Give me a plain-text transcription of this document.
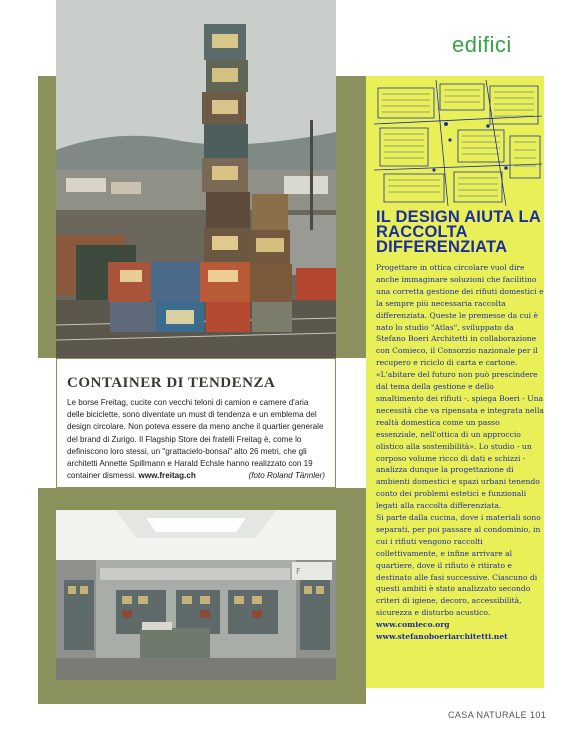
CONTAINER DI TENDENZA

Le borse Freitag, cucite con vecchi teloni di camion e camere d'aria delle biciclette, sono diventate un must di tendenza e un emblema del design circolare. Non poteva essere da meno anche il quartier generale del brand di Zurigo. Il Flagship Store dei fratelli Freitag è, come lo definiscono loro stessi, un "grattacielo-bonsai" alto 26 metri, che gli architetti Annette Spillmann e Harald Echsle hanno realizzato con 19 container dismessi. www.freitag.ch	(foto Roland Tännler)

F
edifici
IL DESIGN AIUTA LA RACCOLTA DIFFERENZIATA
Progettare in ottica circolare vuol dire anche immaginare soluzioni che facilitino una corretta gestione dei rifiuti domestici e la sempre più necessaria raccolta differenziata. Queste le premesse da cui è nato lo studio "Atlas", sviluppato da Stefano Boeri Architetti in collaborazione con Comieco, il Consorzio nazionale per il recupero e riciclo di carta e cartone. «L'abitare del futuro non può prescindere dal tema della gestione e dello smaltimento dei rifiuti -. spiega Boeri - Una necessità che va ripensata e integrata nella realtà domestica come un passo essenziale, nell'ottica di un approccio olistico alla sostenibilità». Lo studio - un corposo volume ricco di dati e schizzi - analizza dunque la progettazione di ambienti domestici e spazi urbani tenendo conto dei problemi estetici e funzionali legati alla raccolta differenziata.
Si parte dalla cucina, dove i materiali sono separati, per poi passare al condominio, in cui i rifiuti vengono raccolti collettivamente, e infine arrivare al quartiere, dove il rifiuto è ritirato e destinato alle fasi successive. Ciascuno di questi ambiti è stato analizzato secondo criteri di igiene, decoro, accessibilità, sicurezza e disturbo acustico.
www.comieco.org
www.stefanoboeriarchitetti.net
CASA NATURALE 101
